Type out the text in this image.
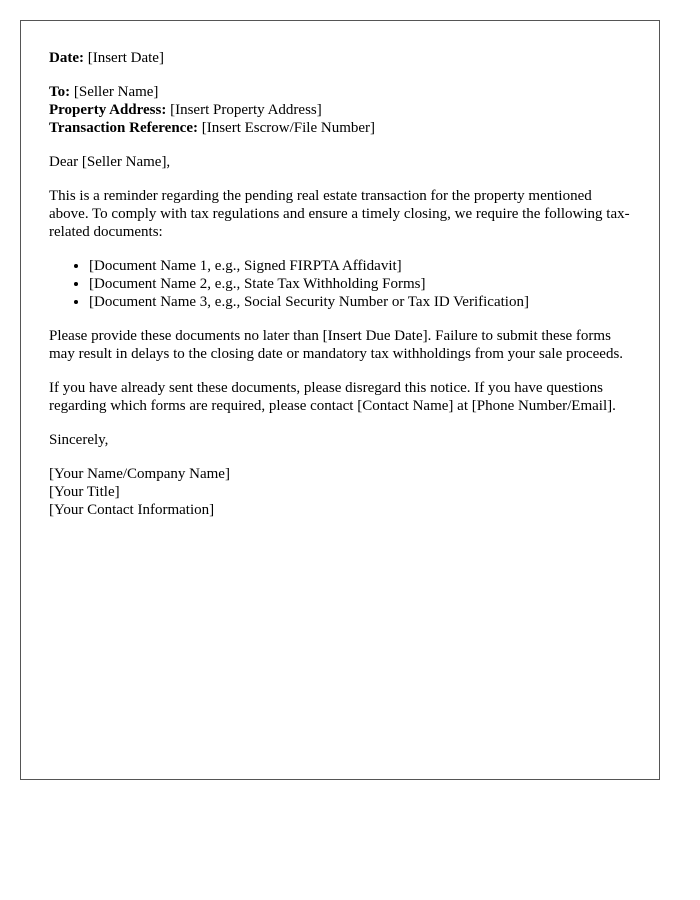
Date: [Insert Date]
To: [Seller Name]
Property Address: [Insert Property Address]
Transaction Reference: [Insert Escrow/File Number]

Dear [Seller Name],

This is a reminder regarding the pending real estate transaction for the property mentioned above. To comply with tax regulations and ensure a timely closing, we require the following tax-related documents:

• [Document Name 1, e.g., Signed FIRPTA Affidavit]
• [Document Name 2, e.g., State Tax Withholding Forms]
• [Document Name 3, e.g., Social Security Number or Tax ID Verification]

Please provide these documents no later than [Insert Due Date]. Failure to submit these forms may result in delays to the closing date or mandatory tax withholdings from your sale proceeds.

If you have already sent these documents, please disregard this notice. If you have questions regarding which forms are required, please contact [Contact Name] at [Phone Number/Email].

Sincerely,

[Your Name/Company Name]
[Your Title]
[Your Contact Information]
